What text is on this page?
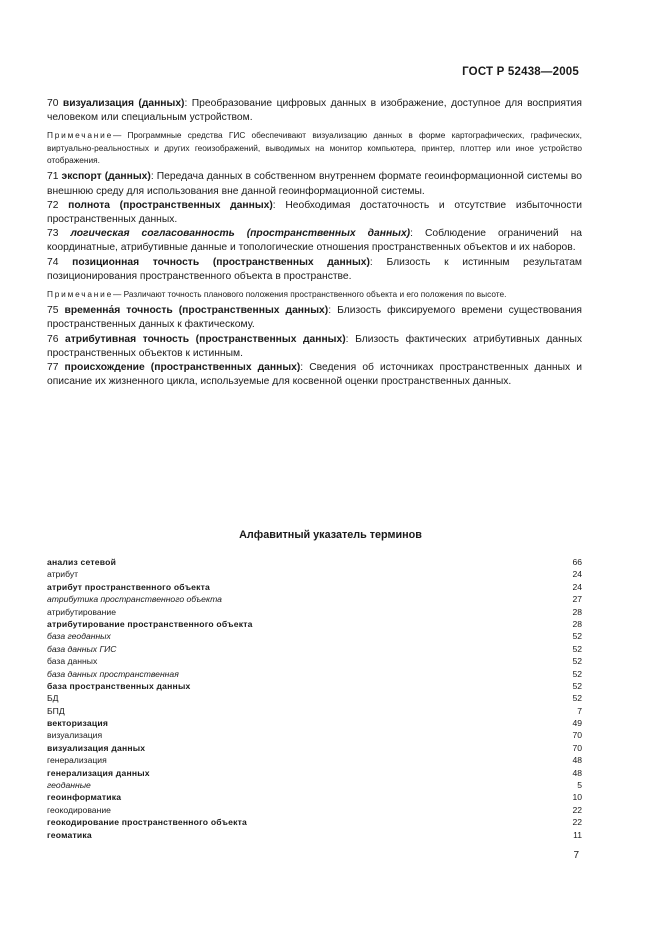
ГОСТ Р 52438—2005

70 визуализация (данных): Преобразование цифровых данных в изображение, доступное для восприятия человеком или специальным устройством.

Примечание— Программные средства ГИС обеспечивают визуализацию данных в форме картографических, графических, виртуально-реальностных и других геоизображений, выводимых на монитор компьютера, принтер, плоттер или иное устройство отображения.

71 экспорт (данных): Передача данных в собственном внутреннем формате геоинформационной системы во внешнюю среду для использования вне данной геоинформационной системы.

72 полнота (пространственных данных): Необходимая достаточность и отсутствие избыточности пространственных данных.

73 логическая согласованность (пространственных данных): Соблюдение ограничений на координатные, атрибутивные данные и топологические отношения пространственных объектов и их наборов.

74 позиционная точность (пространственных данных): Близость к истинным результатам позиционирования пространственного объекта в пространстве.

Примечание— Различают точность планового положения пространственного объекта и его положения по высоте.

75 временна́я точность (пространственных данных): Близость фиксируемого времени существования пространственных данных к фактическому.

76 атрибутивная точность (пространственных данных): Близость фактических атрибутивных данных пространственных объектов к истинным.

77 происхождение (пространственных данных): Сведения об источниках пространственных данных и описание их жизненного цикла, используемые для косвенной оценки пространственных данных.

Алфавитный указатель терминов
анализ сетевой	66
атрибут	24
атрибут пространственного объекта	24
атрибутика пространственного объекта	27
атрибутирование	28
атрибутирование пространственного объекта	28
база геоданных	52
база данных ГИС	52
база данных	52
база данных пространственная	52
база пространственных данных	52
БД	52
БПД	7
векторизация	49
визуализация	70
визуализация данных	70
генерализация	48
генерализация данных	48
геоданные	5
геоинформатика	10
геокодирование	22
геокодирование пространственного объекта	22
геоматика	11
7
